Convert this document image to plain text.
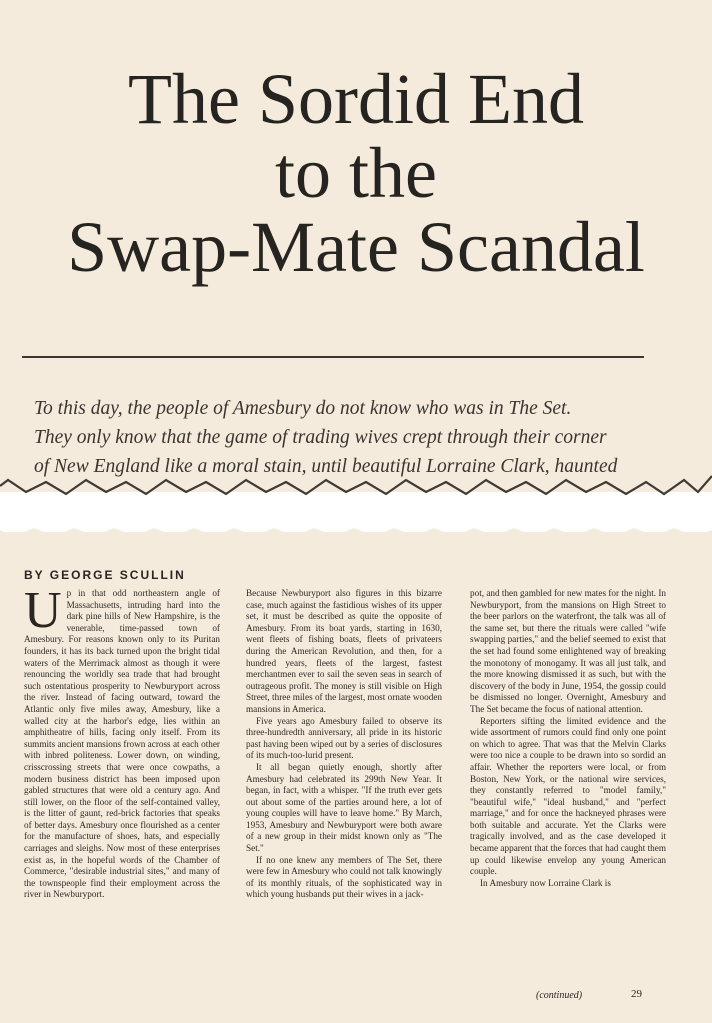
The Sordid End
to the
Swap-Mate Scandal
To this day, the people of Amesbury do not know who was in The Set.
They only know that the game of trading wives crept through their corner
of New England like a moral stain, until beautiful Lorraine Clark, haunted
BY GEORGE SCULLIN

Up in that odd northeastern angle of Massachusetts, intruding hard into the dark pine hills of New Hampshire, is the venerable, time-passed town of Amesbury. For reasons known only to its Puritan founders, it has its back turned upon the bright tidal waters of the Merrimack almost as though it were renouncing the worldly sea trade that had brought such ostentatious prosperity to Newburyport across the river. Instead of facing outward, toward the Atlantic only five miles away, Amesbury, like a walled city at the harbor's edge, lies within an amphitheatre of hills, facing only itself. From its summits ancient mansions frown across at each other with inbred politeness. Lower down, on winding, crisscrossing streets that were once cowpaths, a modern business district has been imposed upon gabled structures that were old a century ago. And still lower, on the floor of the self-contained valley, is the litter of gaunt, red-brick factories that speaks of better days. Amesbury once flourished as a center for the manufacture of shoes, hats, and especially carriages and sleighs. Now most of these enterprises exist as, in the hopeful words of the Chamber of Commerce, "desirable industrial sites," and many of the townspeople find their employment across the river in Newburyport.

Because Newburyport also figures in this bizarre case, much against the fastidious wishes of its upper set, it must be described as quite the opposite of Amesbury. From its boat yards, starting in 1630, went fleets of fishing boats, fleets of privateers during the American Revolution, and then, for a hundred years, fleets of the largest, fastest merchantmen ever to sail the seven seas in search of outrageous profit. The money is still visible on High Street, three miles of the largest, most ornate wooden mansions in America.

Five years ago Amesbury failed to observe its three-hundredth anniversary, all pride in its historic past having been wiped out by a series of disclosures of its much-too-lurid present.

It all began quietly enough, shortly after Amesbury had celebrated its 299th New Year. It began, in fact, with a whisper. "If the truth ever gets out about some of the parties around here, a lot of young couples will have to leave home." By March, 1953, Amesbury and Newburyport were both aware of a new group in their midst known only as "The Set."

If no one knew any members of The Set, there were few in Amesbury who could not talk knowingly of its monthly rituals, of the sophisticated way in which young husbands put their wives in a jack-

pot, and then gambled for new mates for the night. In Newburyport, from the mansions on High Street to the beer parlors on the waterfront, the talk was all of the same set, but there the rituals were called "wife swapping parties," and the belief seemed to exist that the set had found some enlightened way of breaking the monotony of monogamy. It was all just talk, and the more knowing dismissed it as such, but with the discovery of the body in June, 1954, the gossip could be dismissed no longer. Overnight, Amesbury and The Set became the focus of national attention.

Reporters sifting the limited evidence and the wide assortment of rumors could find only one point on which to agree. That was that the Melvin Clarks were too nice a couple to be drawn into so sordid an affair. Whether the reporters were local, or from Boston, New York, or the national wire services, they constantly referred to "model family," "beautiful wife," "ideal husband," and "perfect marriage," and for once the hackneyed phrases were both suitable and accurate. Yet the Clarks were tragically involved, and as the case developed it became apparent that the forces that had caught them up could likewise envelop any young American couple.

In Amesbury now Lorraine Clark is

(continued)	29
